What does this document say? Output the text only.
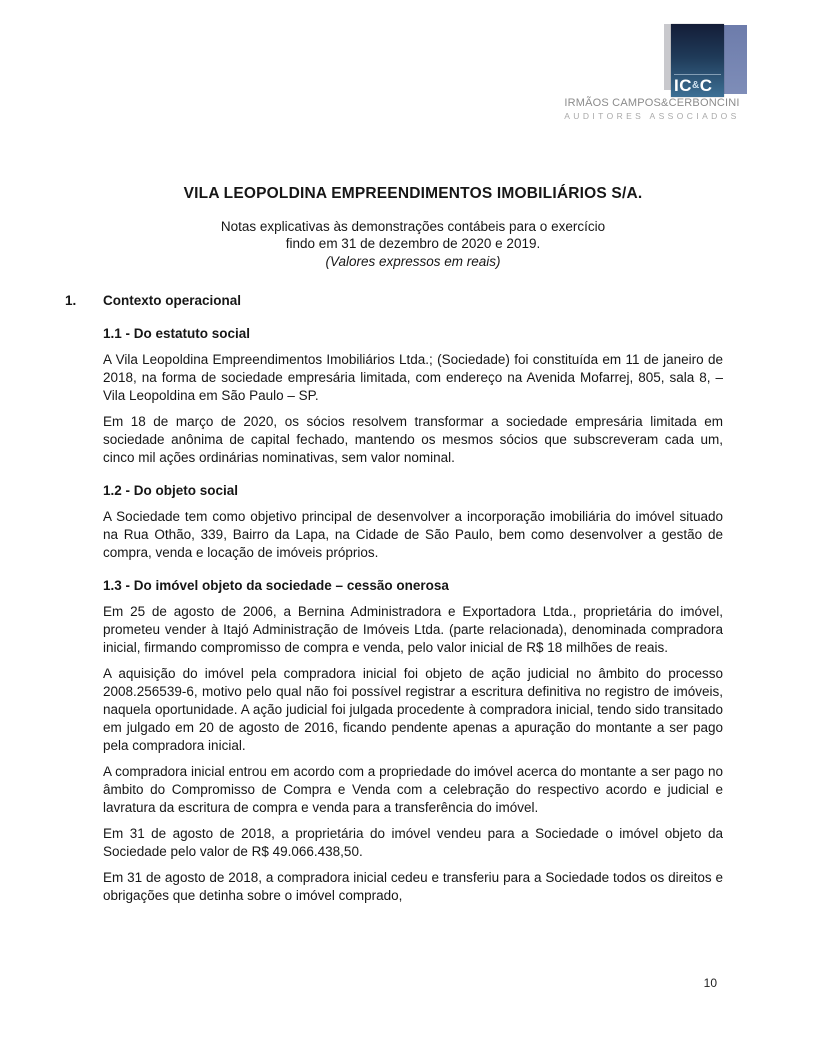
IC&C
IRMÃOS CAMPOS&CERBONCINI
AUDITORES ASSOCIADOS
VILA LEOPOLDINA EMPREENDIMENTOS IMOBILIÁRIOS S/A.
Notas explicativas às demonstrações contábeis para o exercício
findo em 31 de dezembro de 2020 e 2019.
(Valores expressos em reais)
1.	Contexto operacional
1.1 - Do estatuto social

A Vila Leopoldina Empreendimentos Imobiliários Ltda.; (Sociedade) foi constituída em 11 de janeiro de 2018, na forma de sociedade empresária limitada, com endereço na Avenida Mofarrej, 805, sala 8, – Vila Leopoldina em São Paulo – SP.

Em 18 de março de 2020, os sócios resolvem transformar a sociedade empresária limitada em sociedade anônima de capital fechado, mantendo os mesmos sócios que subscreveram cada um, cinco mil ações ordinárias nominativas, sem valor nominal.

1.2 - Do objeto social

A Sociedade tem como objetivo principal de desenvolver a incorporação imobiliária do imóvel situado na Rua Othão, 339, Bairro da Lapa, na Cidade de São Paulo, bem como desenvolver a gestão de compra, venda e locação de imóveis próprios.

1.3 - Do imóvel objeto da sociedade – cessão onerosa

Em 25 de agosto de 2006, a Bernina Administradora e Exportadora Ltda., proprietária do imóvel, prometeu vender à Itajó Administração de Imóveis Ltda. (parte relacionada), denominada compradora inicial, firmando compromisso de compra e venda, pelo valor inicial de R$ 18 milhões de reais.

A aquisição do imóvel pela compradora inicial foi objeto de ação judicial no âmbito do processo 2008.256539-6, motivo pelo qual não foi possível registrar a escritura definitiva no registro de imóveis, naquela oportunidade. A ação judicial foi julgada procedente à compradora inicial, tendo sido transitado em julgado em 20 de agosto de 2016, ficando pendente apenas a apuração do montante a ser pago pela compradora inicial.

A compradora inicial entrou em acordo com a propriedade do imóvel acerca do montante a ser pago no âmbito do Compromisso de Compra e Venda com a celebração do respectivo acordo e judicial e lavratura da escritura de compra e venda para a transferência do imóvel.

Em 31 de agosto de 2018, a proprietária do imóvel vendeu para a Sociedade o imóvel objeto da Sociedade pelo valor de R$ 49.066.438,50.

Em 31 de agosto de 2018, a compradora inicial cedeu e transferiu para a Sociedade todos os direitos e obrigações que detinha sobre o imóvel comprado,

10
